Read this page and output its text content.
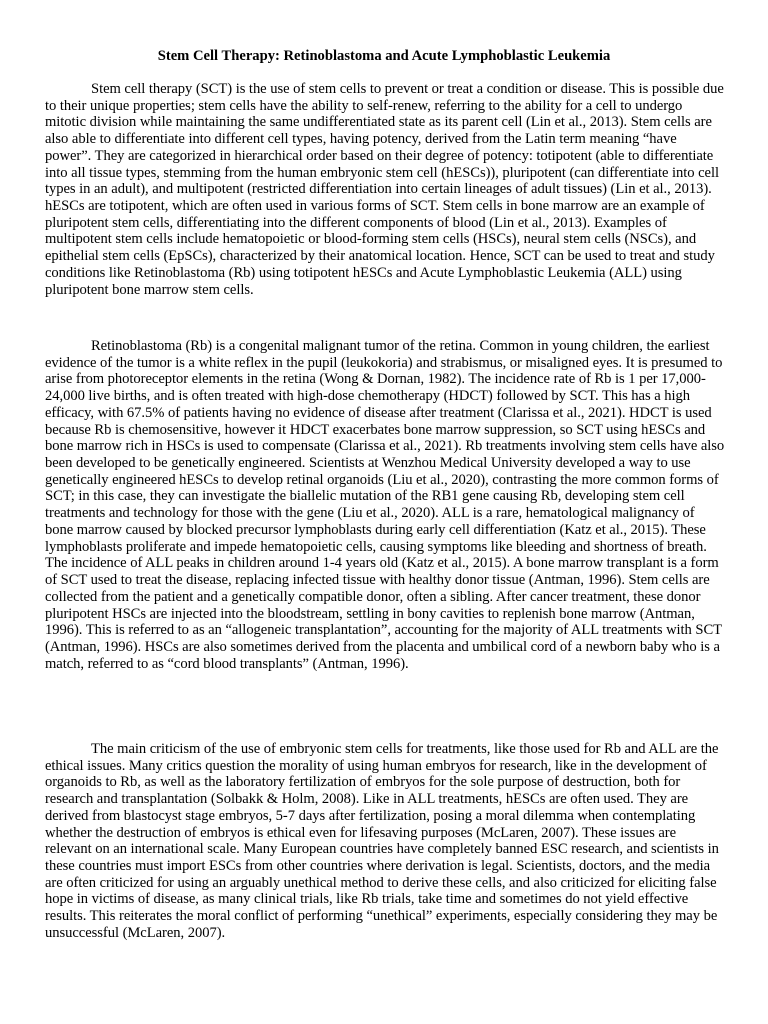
Stem Cell Therapy: Retinoblastoma and Acute Lymphoblastic Leukemia

Stem cell therapy (SCT) is the use of stem cells to prevent or treat a condition or disease. This is possible due to their unique properties; stem cells have the ability to self-renew, referring to the ability for a cell to undergo mitotic division while maintaining the same undifferentiated state as its parent cell (Lin et al., 2013). Stem cells are also able to differentiate into different cell types, having potency, derived from the Latin term meaning “have power”. They are categorized in hierarchical order based on their degree of potency: totipotent (able to differentiate into all tissue types, stemming from the human embryonic stem cell (hESCs)), pluripotent (can differentiate into cell types in an adult), and multipotent (restricted differentiation into certain lineages of adult tissues) (Lin et al., 2013). hESCs are totipotent, which are often used in various forms of SCT. Stem cells in bone marrow are an example of pluripotent stem cells, differentiating into the different components of blood (Lin et al., 2013). Examples of multipotent stem cells include hematopoietic or blood-forming stem cells (HSCs), neural stem cells (NSCs), and epithelial stem cells (EpSCs), characterized by their anatomical location. Hence, SCT can be used to treat and study conditions like Retinoblastoma (Rb) using totipotent hESCs and Acute Lymphoblastic Leukemia (ALL) using pluripotent bone marrow stem cells.

Retinoblastoma (Rb) is a congenital malignant tumor of the retina. Common in young children, the earliest evidence of the tumor is a white reflex in the pupil (leukokoria) and strabismus, or misaligned eyes. It is presumed to arise from photoreceptor elements in the retina (Wong & Dornan, 1982). The incidence rate of Rb is 1 per 17,000-24,000 live births, and is often treated with high-dose chemotherapy (HDCT) followed by SCT. This has a high efficacy, with 67.5% of patients having no evidence of disease after treatment (Clarissa et al., 2021). HDCT is used because Rb is chemosensitive, however it HDCT exacerbates bone marrow suppression, so SCT using hESCs and bone marrow rich in HSCs is used to compensate (Clarissa et al., 2021). Rb treatments involving stem cells have also been developed to be genetically engineered. Scientists at Wenzhou Medical University developed a way to use genetically engineered hESCs to develop retinal organoids (Liu et al., 2020), contrasting the more common forms of SCT; in this case, they can investigate the biallelic mutation of the RB1 gene causing Rb, developing stem cell treatments and technology for those with the gene (Liu et al., 2020). ALL is a rare, hematological malignancy of bone marrow caused by blocked precursor lymphoblasts during early cell differentiation (Katz et al., 2015). These lymphoblasts proliferate and impede hematopoietic cells, causing symptoms like bleeding and shortness of breath. The incidence of ALL peaks in children around 1-4 years old (Katz et al., 2015). A bone marrow transplant is a form of SCT used to treat the disease, replacing infected tissue with healthy donor tissue (Antman, 1996). Stem cells are collected from the patient and a genetically compatible donor, often a sibling. After cancer treatment, these donor pluripotent HSCs are injected into the bloodstream, settling in bony cavities to replenish bone marrow (Antman, 1996). This is referred to as an “allogeneic transplantation”, accounting for the majority of ALL treatments with SCT (Antman, 1996). HSCs are also sometimes derived from the placenta and umbilical cord of a newborn baby who is a match, referred to as “cord blood transplants” (Antman, 1996).

The main criticism of the use of embryonic stem cells for treatments, like those used for Rb and ALL are the ethical issues. Many critics question the morality of using human embryos for research, like in the development of organoids to Rb, as well as the laboratory fertilization of embryos for the sole purpose of destruction, both for research and transplantation (Solbakk & Holm, 2008). Like in ALL treatments, hESCs are often used. They are derived from blastocyst stage embryos, 5-7 days after fertilization, posing a moral dilemma when contemplating whether the destruction of embryos is ethical even for lifesaving purposes (McLaren, 2007). These issues are relevant on an international scale. Many European countries have completely banned ESC research, and scientists in these countries must import ESCs from other countries where derivation is legal. Scientists, doctors, and the media are often criticized for using an arguably unethical method to derive these cells, and also criticized for eliciting false hope in victims of disease, as many clinical trials, like Rb trials, take time and sometimes do not yield effective results. This reiterates the moral conflict of performing “unethical” experiments, especially considering they may be unsuccessful (McLaren, 2007).
